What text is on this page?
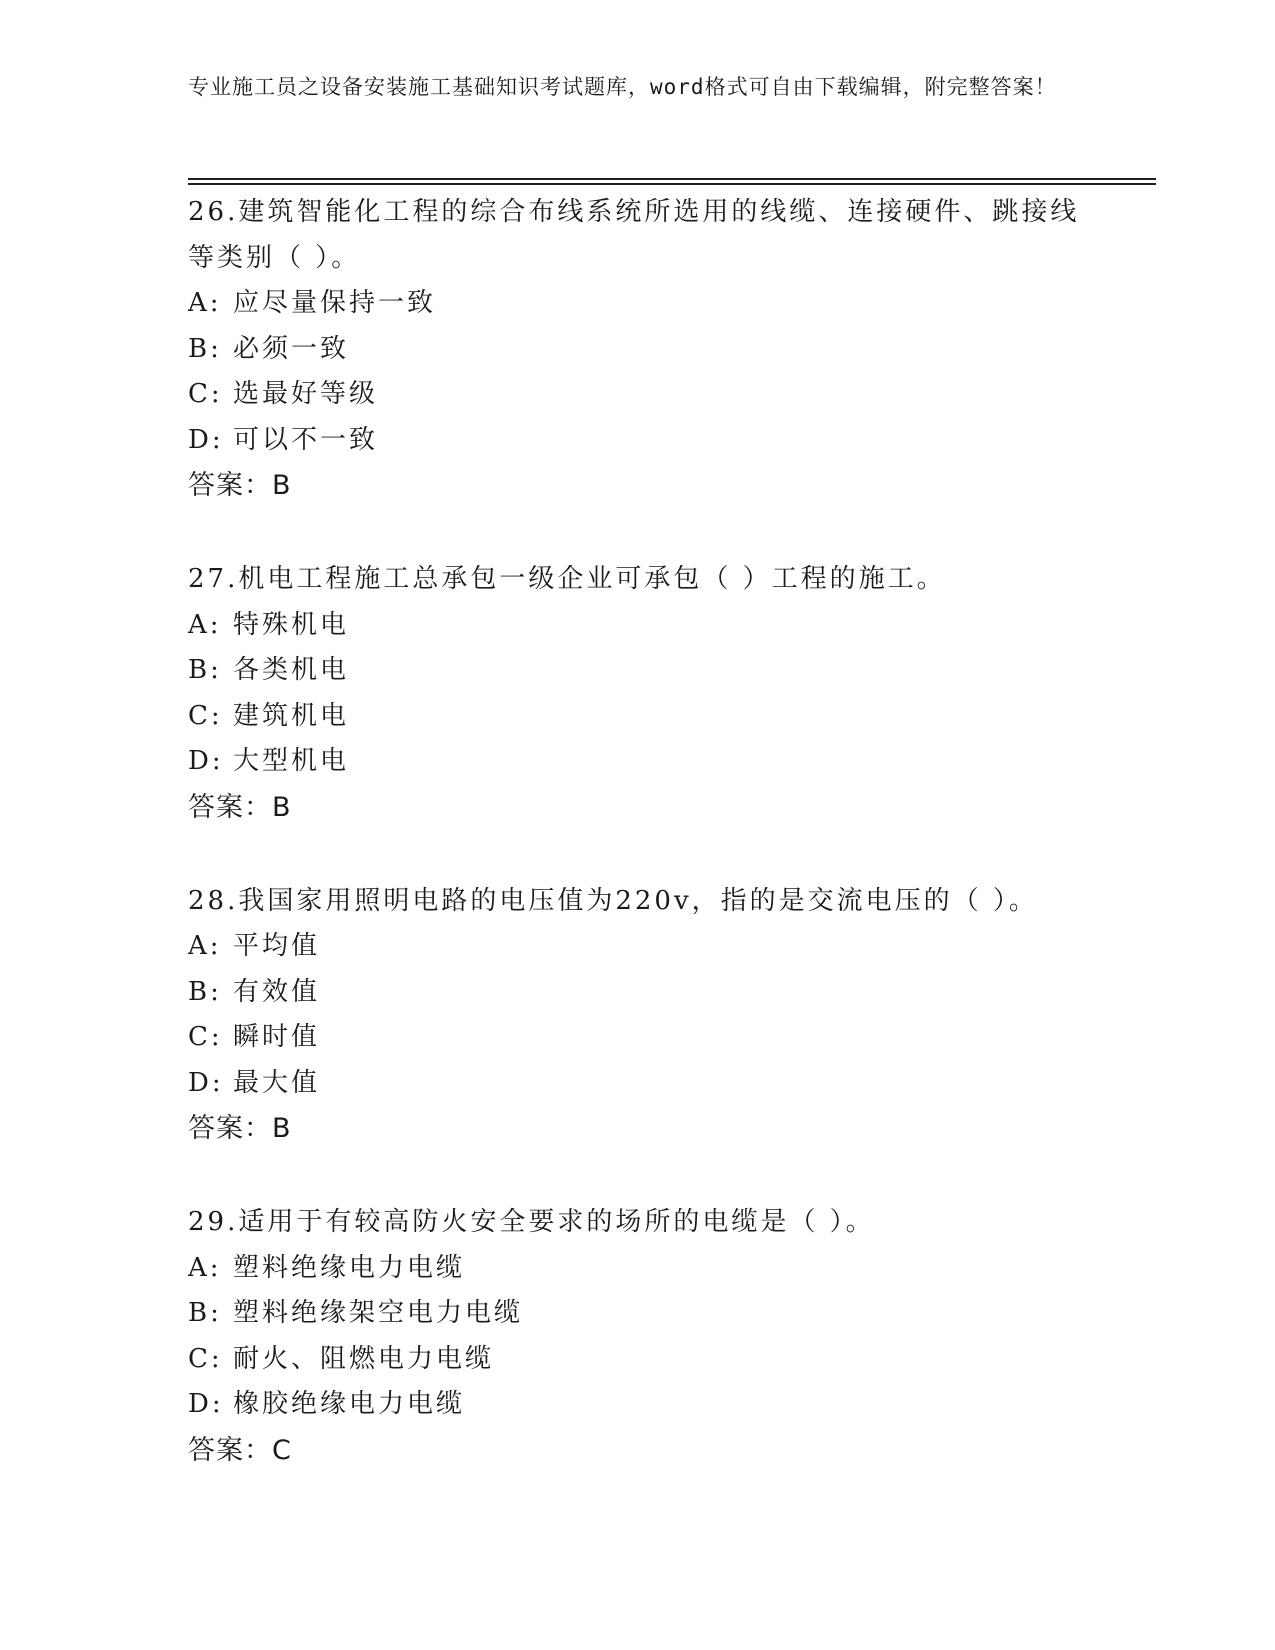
专业施工员之设备安装施工基础知识考试题库，word格式可自由下载编辑，附完整答案！

26.建筑智能化工程的综合布线系统所选用的线缆、连接硬件、跳接线等类别（ ）。

A: 应尽量保持一致

B: 必须一致

C: 选最好等级

D: 可以不一致

答案：B

27.机电工程施工总承包一级企业可承包（ ）工程的施工。

A: 特殊机电

B: 各类机电

C: 建筑机电

D: 大型机电

答案：B

28.我国家用照明电路的电压值为220v，指的是交流电压的（ ）。

A: 平均值

B: 有效值

C: 瞬时值

D: 最大值

答案：B

29.适用于有较高防火安全要求的场所的电缆是（ ）。

A: 塑料绝缘电力电缆

B: 塑料绝缘架空电力电缆

C: 耐火、阻燃电力电缆

D: 橡胶绝缘电力电缆

答案：C
